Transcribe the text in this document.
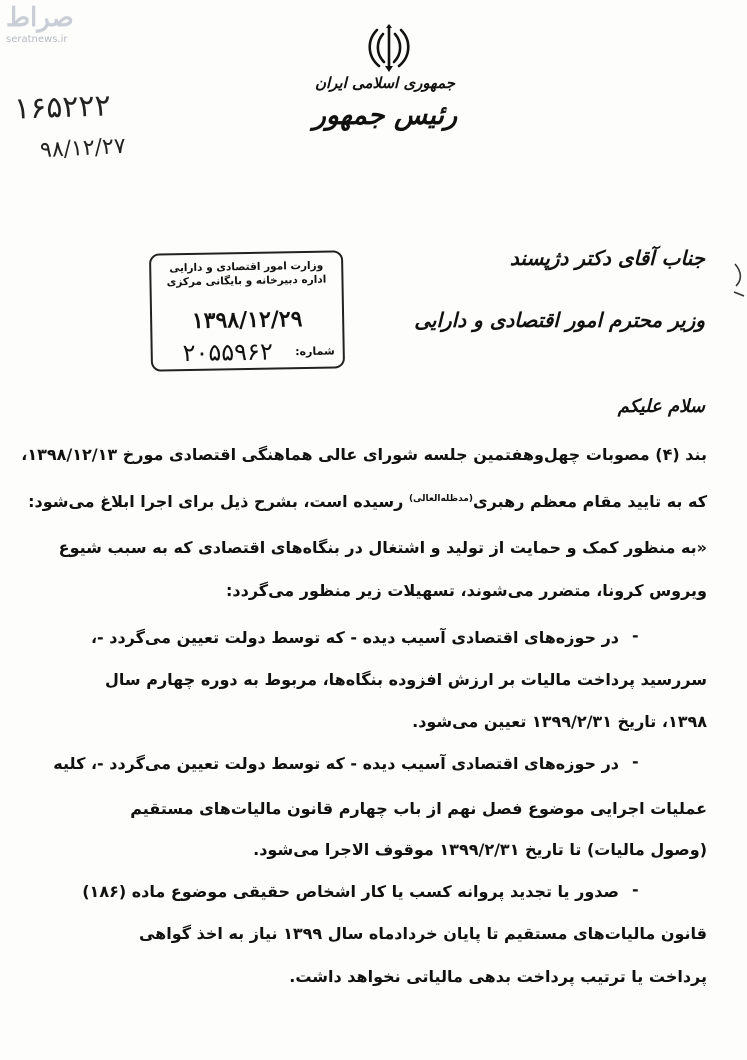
صراط
seratnews.ir
۱۶۵۲۲۲
۹۸/۱۲/۲۷
جمهوری اسلامی ایران
رئیس جمهور
وزارت امور اقتصادی و دارایی
اداره دبیرخانه و بایگانی مرکزی
۱۳۹۸/۱۲/۲۹
شماره:
۲۰۵۵۹۶۲
جناب آقای دکتر دژپسند
وزیر محترم امور اقتصادی و دارایی
سلام علیکم
بند (۴) مصوبات چهل‌وهفتمین جلسه شورای عالی هماهنگی اقتصادی مورخ ۱۳۹۸/۱۲/۱۳،
که به تایید مقام معظم رهبری$^{(مدظله‌العالی)}$ رسیده است، بشرح ذیل برای اجرا ابلاغ می‌شود:
«به منظور کمک و حمایت از تولید و اشتغال در بنگاه‌های اقتصادی که به سبب شیوع
ویروس کرونا، متضرر می‌شوند، تسهیلات زیر منظور می‌گردد:
-
در حوزه‌های اقتصادی آسیب دیده - که توسط دولت تعیین می‌گردد -،
سررسید پرداخت مالیات بر ارزش افزوده بنگاه‌ها، مربوط به دوره چهارم سال
۱۳۹۸، تاریخ ۱۳۹۹/۲/۳۱ تعیین می‌شود.
-
در حوزه‌های اقتصادی آسیب دیده - که توسط دولت تعیین می‌گردد -، کلیه
عملیات اجرایی موضوع فصل نهم از باب چهارم قانون مالیات‌های مستقیم
(وصول مالیات) تا تاریخ ۱۳۹۹/۲/۳۱ موقوف الاجرا می‌شود.
-
صدور یا تجدید پروانه کسب یا کار اشخاص حقیقی موضوع ماده (۱۸۶)
قانون مالیات‌های مستقیم تا پایان خردادماه سال ۱۳۹۹ نیاز به اخذ گواهی
پرداخت یا ترتیب پرداخت بدهی مالیاتی نخواهد داشت.
